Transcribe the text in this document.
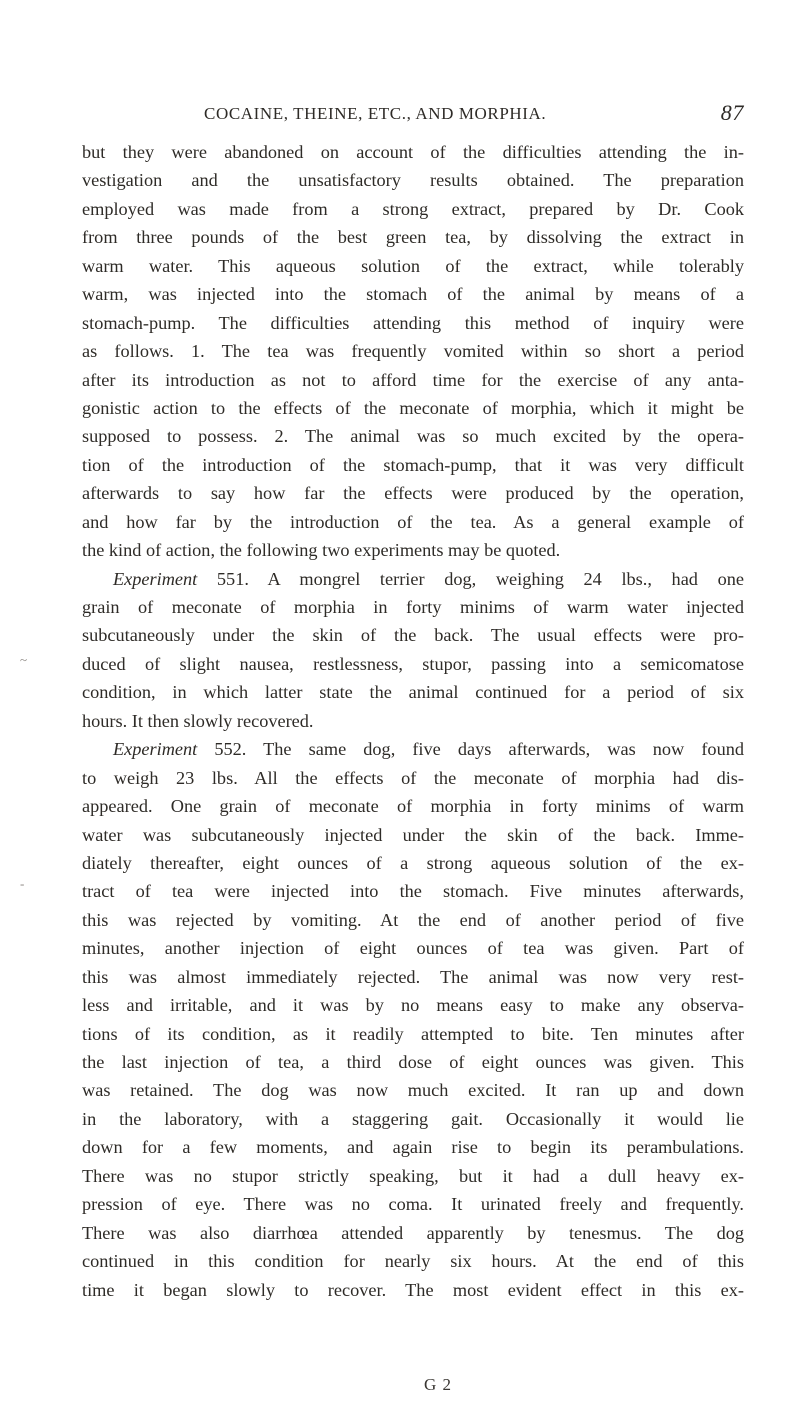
COCAINE, THEINE, ETC., AND MORPHIA.	87
but they were abandoned on account of the difficulties attending the in-
vestigation and the unsatisfactory results obtained. The preparation
employed was made from a strong extract, prepared by Dr. Cook
from three pounds of the best green tea, by dissolving the extract in
warm water. This aqueous solution of the extract, while tolerably
warm, was injected into the stomach of the animal by means of a
stomach-pump. The difficulties attending this method of inquiry were
as follows. 1. The tea was frequently vomited within so short a period
after its introduction as not to afford time for the exercise of any anta-
gonistic action to the effects of the meconate of morphia, which it might be
supposed to possess. 2. The animal was so much excited by the opera-
tion of the introduction of the stomach-pump, that it was very difficult
afterwards to say how far the effects were produced by the operation,
and how far by the introduction of the tea. As a general example of
the kind of action, the following two experiments may be quoted.
Experiment 551. A mongrel terrier dog, weighing 24 lbs., had one
grain of meconate of morphia in forty minims of warm water injected
subcutaneously under the skin of the back. The usual effects were pro-
duced of slight nausea, restlessness, stupor, passing into a semicomatose
condition, in which latter state the animal continued for a period of six
hours. It then slowly recovered.
Experiment 552. The same dog, five days afterwards, was now found
to weigh 23 lbs. All the effects of the meconate of morphia had dis-
appeared. One grain of meconate of morphia in forty minims of warm
water was subcutaneously injected under the skin of the back. Imme-
diately thereafter, eight ounces of a strong aqueous solution of the ex-
tract of tea were injected into the stomach. Five minutes afterwards,
this was rejected by vomiting. At the end of another period of five
minutes, another injection of eight ounces of tea was given. Part of
this was almost immediately rejected. The animal was now very rest-
less and irritable, and it was by no means easy to make any observa-
tions of its condition, as it readily attempted to bite. Ten minutes after
the last injection of tea, a third dose of eight ounces was given. This
was retained. The dog was now much excited. It ran up and down
in the laboratory, with a staggering gait. Occasionally it would lie
down for a few moments, and again rise to begin its perambulations.
There was no stupor strictly speaking, but it had a dull heavy ex-
pression of eye. There was no coma. It urinated freely and frequently.
There was also diarrhœa attended apparently by tenesmus. The dog
continued in this condition for nearly six hours. At the end of this
time it began slowly to recover. The most evident effect in this ex-
~
-
G 2
